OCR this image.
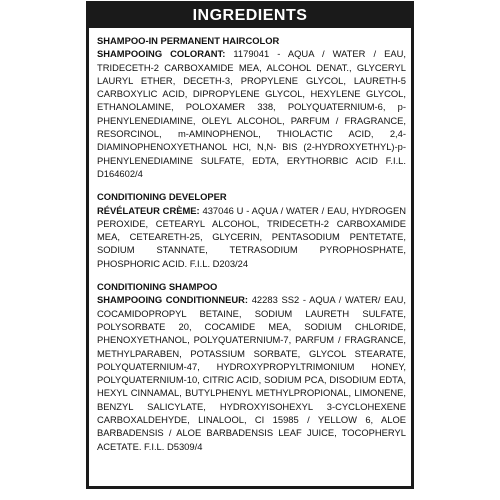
INGREDIENTS
SHAMPOO-IN PERMANENT HAIRCOLOR
SHAMPOOING COLORANT: 1179041 - AQUA / WATER / EAU, TRIDECETH-2 CARBOXAMIDE MEA, ALCOHOL DENAT., GLYCERYL LAURYL ETHER, DECETH-3, PROPYLENE GLYCOL, LAURETH-5 CARBOXYLIC ACID, DIPROPYLENE GLYCOL, HEXYLENE GLYCOL, ETHANOLAMINE, POLOXAMER 338, POLYQUATERNIUM-6, p-PHENYLENEDIAMINE, OLEYL ALCOHOL, PARFUM / FRAGRANCE, RESORCINOL, m-AMINOPHENOL, THIOLACTIC ACID, 2,4-DIAMINOPHENOXYETHANOL HCl, N,N- BIS (2-HYDROXYETHYL)-p-PHENYLENEDIAMINE SULFATE, EDTA, ERYTHORBIC ACID F.I.L. D164602/4
CONDITIONING DEVELOPER
RÉVÉLATEUR CRÈME: 437046 U - AQUA / WATER / EAU, HYDROGEN PEROXIDE, CETEARYL ALCOHOL, TRIDECETH-2 CARBOXAMIDE MEA, CETEARETH-25, GLYCERIN, PENTASODIUM PENTETATE, SODIUM STANNATE, TETRASODIUM PYROPHOSPHATE, PHOSPHORIC ACID. F.I.L. D203/24
CONDITIONING SHAMPOO
SHAMPOOING CONDITIONNEUR: 42283 SS2 - AQUA / WATER/ EAU, COCAMIDOPROPYL BETAINE, SODIUM LAURETH SULFATE, POLYSORBATE 20, COCAMIDE MEA, SODIUM CHLORIDE, PHENOXYETHANOL, POLYQUATERNIUM-7, PARFUM / FRAGRANCE, METHYLPARABEN, POTASSIUM SORBATE, GLYCOL STEARATE, POLYQUATERNIUM-47, HYDROXYPROPYLTRIMONIUM HONEY, POLYQUATERNIUM-10, CITRIC ACID, SODIUM PCA, DISODIUM EDTA, HEXYL CINNAMAL, BUTYLPHENYL METHYLPROPIONAL, LIMONENE, BENZYL SALICYLATE, HYDROXYISOHEXYL 3-CYCLOHEXENE CARBOXALDEHYDE, LINALOOL, CI 15985 / YELLOW 6, ALOE BARBADENSIS / ALOE BARBADENSIS LEAF JUICE, TOCOPHERYL ACETATE. F.I.L. D5309/4
